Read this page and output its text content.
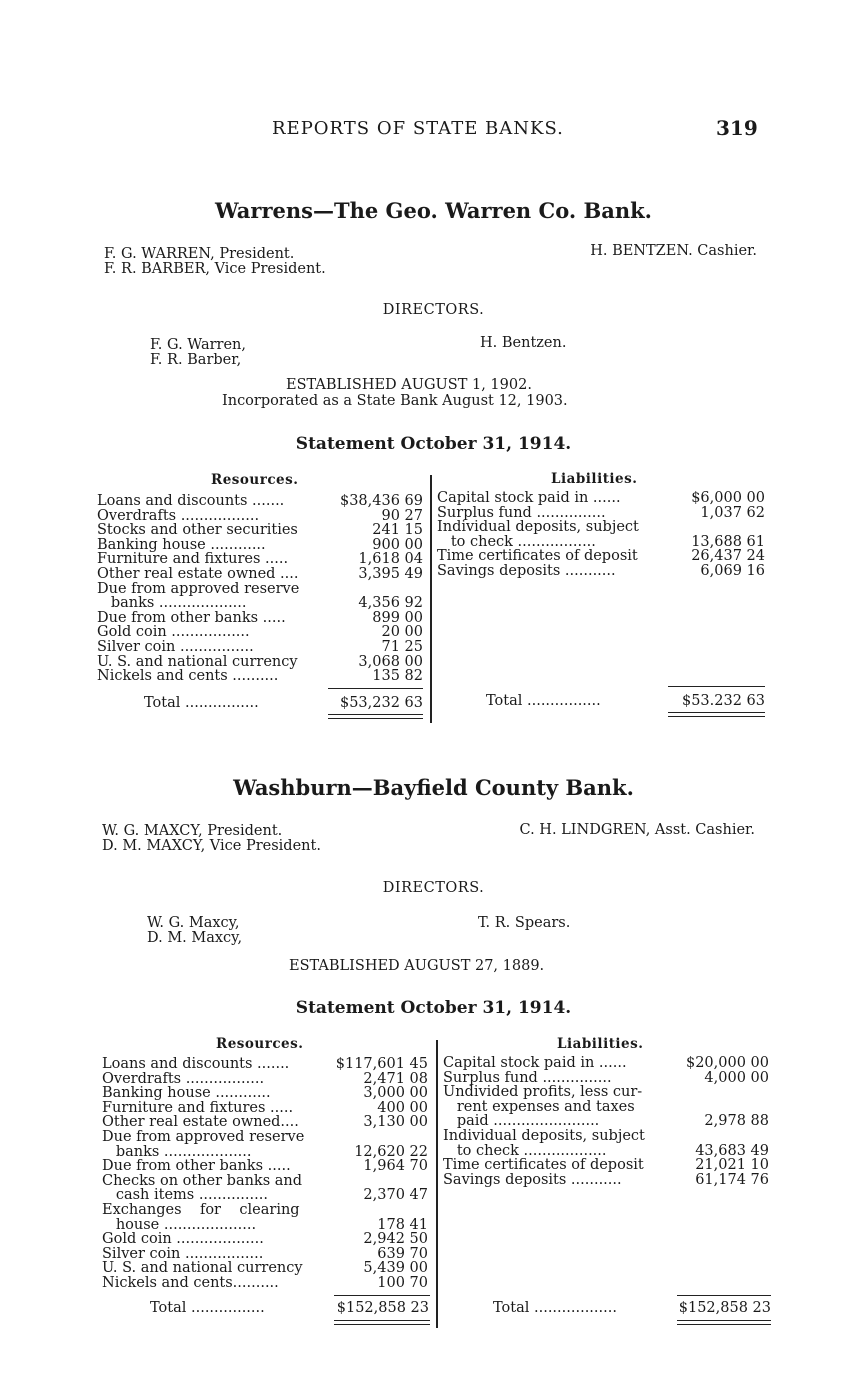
REPORTS OF STATE BANKS.	319
Warrens—The Geo. Warren Co. Bank.
F. G. WARREN, President.
F. R. BARBER, Vice President.
H. BENTZEN. Cashier.
DIRECTORS.
F. G. Warren,
F. R. Barber,
H. Bentzen.
ESTABLISHED AUGUST 1, 1902.
Incorporated as a State Bank August 12, 1903.
Statement October 31, 1914.
Resources.	Liabilities.
Loans and discounts .......	$38,436 69
Overdrafts .................	90 27
Stocks and other securities	241 15
Banking house ............	900 00
Furniture and fixtures .....	1,618 04
Other real estate owned ....	3,395 49
Due from approved reserve
banks ...................	4,356 92
Due from other banks .....	899 00
Gold coin .................	20 00
Silver coin ................	71 25
U. S. and national currency	3,068 00
Nickels and cents ..........	135 82
Capital stock paid in ......	$6,000 00
Surplus fund ...............	1,037 62
Individual deposits, subject
to check .................	13,688 61
Time certificates of deposit	26,437 24
Savings deposits ...........	6,069 16
Total ................	$53,232 63	Total ................	$53.232 63
Washburn—Bayfield County Bank.
W. G. MAXCY, President.
D. M. MAXCY, Vice President.
C. H. LINDGREN, Asst. Cashier.
DIRECTORS.
W. G. Maxcy,
D. M. Maxcy,
T. R. Spears.
ESTABLISHED AUGUST 27, 1889.
Statement October 31, 1914.
Resources.	Liabilities.
Loans and discounts .......	$117,601 45
Overdrafts .................	2,471 08
Banking house ............	3,000 00
Furniture and fixtures .....	400 00
Other real estate owned....	3,130 00
Due from approved reserve
banks ...................	12,620 22
Due from other banks .....	1,964 70
Checks on other banks and
cash items ...............	2,370 47
Exchanges    for    clearing
house ....................	178 41
Gold coin ...................	2,942 50
Silver coin .................	639 70
U. S. and national currency	5,439 00
Nickels and cents..........	100 70
Capital stock paid in ......	$20,000 00
Surplus fund ...............	4,000 00
Undivided profits, less cur-
rent expenses and taxes
paid .......................	2,978 88
Individual deposits, subject
to check ..................	43,683 49
Time certificates of deposit	21,021 10
Savings deposits ...........	61,174 76
Total ................	$152,858 23	Total ..................	$152,858 23
